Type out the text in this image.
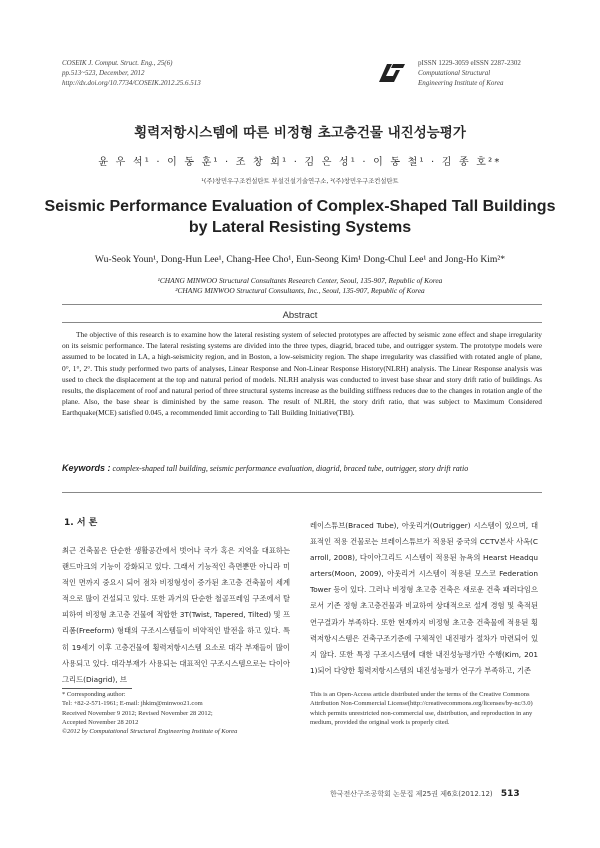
COSEIK J. Comput. Struct. Eng., 25(6)
pp.513~523, December, 2012
http://dx.doi.org/10.7734/COSEIK.2012.25.6.513
pISSN 1229-3059 eISSN 2287-2302
Computational Structural
Engineering Institute of Korea
횡력저항시스템에 따른 비정형 초고층건물 내진성능평가
윤 우 석¹ · 이 동 훈¹ · 조 창 희¹ · 김 은 성¹ · 이 동 철¹ · 김 종 호²*
¹(주)창민우구조컨설탄트 부설건설기술연구소, ²(주)창민우구조컨설탄트
Seismic Performance Evaluation of Complex-Shaped Tall Buildings by Lateral Resisting Systems
Wu-Seok Youn¹, Dong-Hun Lee¹, Chang-Hee Cho¹, Eun-Seong Kim¹ Dong-Chul Lee¹ and Jong-Ho Kim²*
¹CHANG MINWOO Structural Consultants Research Center, Seoul, 135-907, Republic of Korea
²CHANG MINWOO Structural Consultants, Inc., Seoul, 135-907, Republic of Korea
Abstract
The objective of this research is to examine how the lateral resisting system of selected prototypes are affected by seismic zone effect and shape irregularity on its seismic performance. The lateral resisting systems are divided into the three types, diagrid, braced tube, and outrigger system. The prototype models were assumed to be located in LA, a high-seismicity region, and in Boston, a low-seismicity region. The shape irregularity was classified with rotated angle of plane, 0°, 1°, 2°. This study performed two parts of analyses, Linear Response and Non-Linear Response History(NLRH) analysis. The Linear Response analysis was used to check the displacement at the top and natural period of models. NLRH analysis was conducted to invest base shear and story drift ratio of buildings. As results, the displacement of roof and natural period of three structural systems increase as the building stiffness reduces due to the changes in rotation angle of the plane. Also, the base shear is diminished by the same reason. The result of NLRH, the story drift ratio, that was subject to Maximum Considered Earthquake(MCE) satisfied 0.045, a recommended limit according to Tall Building Initiative(TBI).
Keywords : complex-shaped tall building, seismic performance evaluation, diagrid, braced tube, outrigger, story drift ratio
1. 서 론
최근 건축물은 단순한 생활공간에서 벗어나 국가 혹은 지역을 대표하는 랜드마크의 기능이 강화되고 있다. 그래서 기능적인 측면뿐만 아니라 미적인 면까지 중요시 되어 점차 비정형성이 증가된 초고층 건축물이 세계적으로 많이 건설되고 있다. 또한 과거의 단순한 철골프레임 구조에서 탈피하여 비정형 초고층 건물에 적합한 3T(Twist, Tapered, Tilted) 및 프리폼(Freeform) 형태의 구조시스템들이 비약적인 발전을 하고 있다. 특히 19세기 이후 고층건물에 횡력저항시스템 요소로 대각 부재들이 많이 사용되고 있다. 대각부재가 사용되는 대표적인 구조시스템으로는 다이아그리드(Diagrid), 브
레이스튜브(Braced Tube), 아웃리거(Outrigger) 시스템이 있으며, 대표적인 적용 건물로는 브레이스튜브가 적용된 중국의 CCTV본사 사옥(Carroll, 2008), 다이아그리드 시스템이 적용된 뉴욕의 Hearst Headquarters(Moon, 2009), 아웃리거 시스템이 적용된 모스코 Federation Tower 등이 있다. 그러나 비정형 초고층 건축은 새로운 건축 패러다임으로서 기존 정형 초고층건물과 비교하여 상대적으로 설계 경험 및 축적된 연구결과가 부족하다. 또한 현재까지 비정형 초고층 건축물에 적용된 횡력저항시스템은 건축구조기준에 구체적인 내진평가 절차가 마련되어 있지 않다. 또한 특정 구조시스템에 대한 내진성능평가만 수행(Kim, 2011)되어 다양한 횡력저항시스템의 내진성능평가 연구가 부족하고, 기존
* Corresponding author:
Tel: +82-2-571-1961; E-mail: jhkim@minwoo21.com
Received November 9 2012; Revised November 28 2012;
Accepted November 28 2012
©2012 by Computational Structural Engineering Institute of Korea
This is an Open-Access article distributed under the terms of the Creative Commons Attribution Non-Commercial License(http://creativecommons.org/licenses/by-nc/3.0) which permits unrestricted non-commercial use, distribution, and reproduction in any medium, provided the original work is properly cited.
한국전산구조공학회 논문집 제25권 제6호(2012.12) 513
